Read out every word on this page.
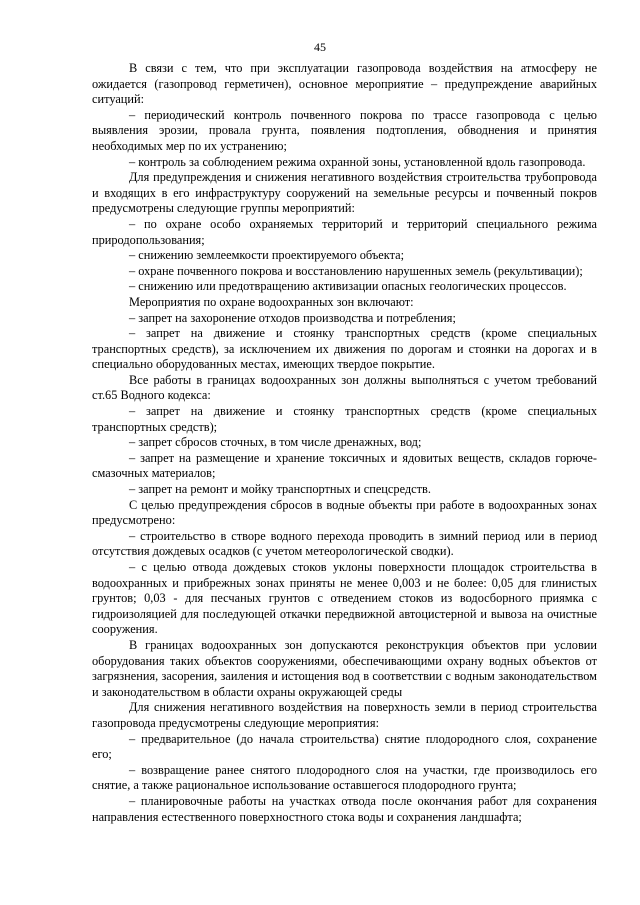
45

В связи с тем, что при эксплуатации газопровода воздействия на атмосферу не ожидается (газопровод герметичен), основное мероприятие – предупреждение аварийных ситуаций:

– периодический контроль почвенного покрова по трассе газопровода с целью выявления эрозии, провала грунта, появления подтопления, обводнения и принятия необходимых мер по их устранению;

– контроль за соблюдением режима охранной зоны, установленной вдоль газопровода.

Для предупреждения и снижения негативного воздействия строительства трубопровода и входящих в его инфраструктуру сооружений на земельные ресурсы и почвенный покров предусмотрены следующие группы мероприятий:

– по охране особо охраняемых территорий и территорий специального режима природопользования;

– снижению землеемкости проектируемого объекта;

– охране почвенного покрова и восстановлению нарушенных земель (рекультивации);

– снижению или предотвращению активизации опасных геологических процессов.

Мероприятия по охране водоохранных зон включают:

– запрет на захоронение отходов производства и потребления;

– запрет на движение и стоянку транспортных средств (кроме специальных транспортных средств), за исключением их движения по дорогам и стоянки на дорогах и в специально оборудованных местах, имеющих твердое покрытие.

Все работы в границах водоохранных зон должны выполняться с учетом требований ст.65 Водного кодекса:

– запрет на движение и стоянку транспортных средств (кроме специальных транспортных средств);

– запрет сбросов сточных, в том числе дренажных, вод;

– запрет на размещение и хранение токсичных и ядовитых веществ, складов горюче-смазочных материалов;

– запрет на ремонт и мойку транспортных и спецсредств.

С целью предупреждения сбросов в водные объекты при работе в водоохранных зонах предусмотрено:

– строительство в створе водного перехода проводить в зимний период или в период отсутствия дождевых осадков (с учетом метеорологической сводки).

– с целью отвода дождевых стоков уклоны поверхности площадок строительства в водоохранных и прибрежных зонах приняты не менее 0,003 и не более: 0,05 для глинистых грунтов; 0,03 - для песчаных грунтов с отведением стоков из водосборного приямка с гидроизоляцией для последующей откачки передвижной автоцистерной и вывоза на очистные сооружения.

В границах водоохранных зон допускаются реконструкция объектов при условии оборудования таких объектов сооружениями, обеспечивающими охрану водных объектов от загрязнения, засорения, заиления и истощения вод в соответствии с водным законодательством и законодательством в области охраны окружающей среды

Для снижения негативного воздействия на поверхность земли в период строительства газопровода предусмотрены следующие мероприятия:

– предварительное (до начала строительства) снятие плодородного слоя, сохранение его;

– возвращение ранее снятого плодородного слоя на участки, где производилось его снятие, а также рациональное использование оставшегося плодородного грунта;

– планировочные работы на участках отвода после окончания работ для сохранения направления естественного поверхностного стока воды и сохранения ландшафта;
